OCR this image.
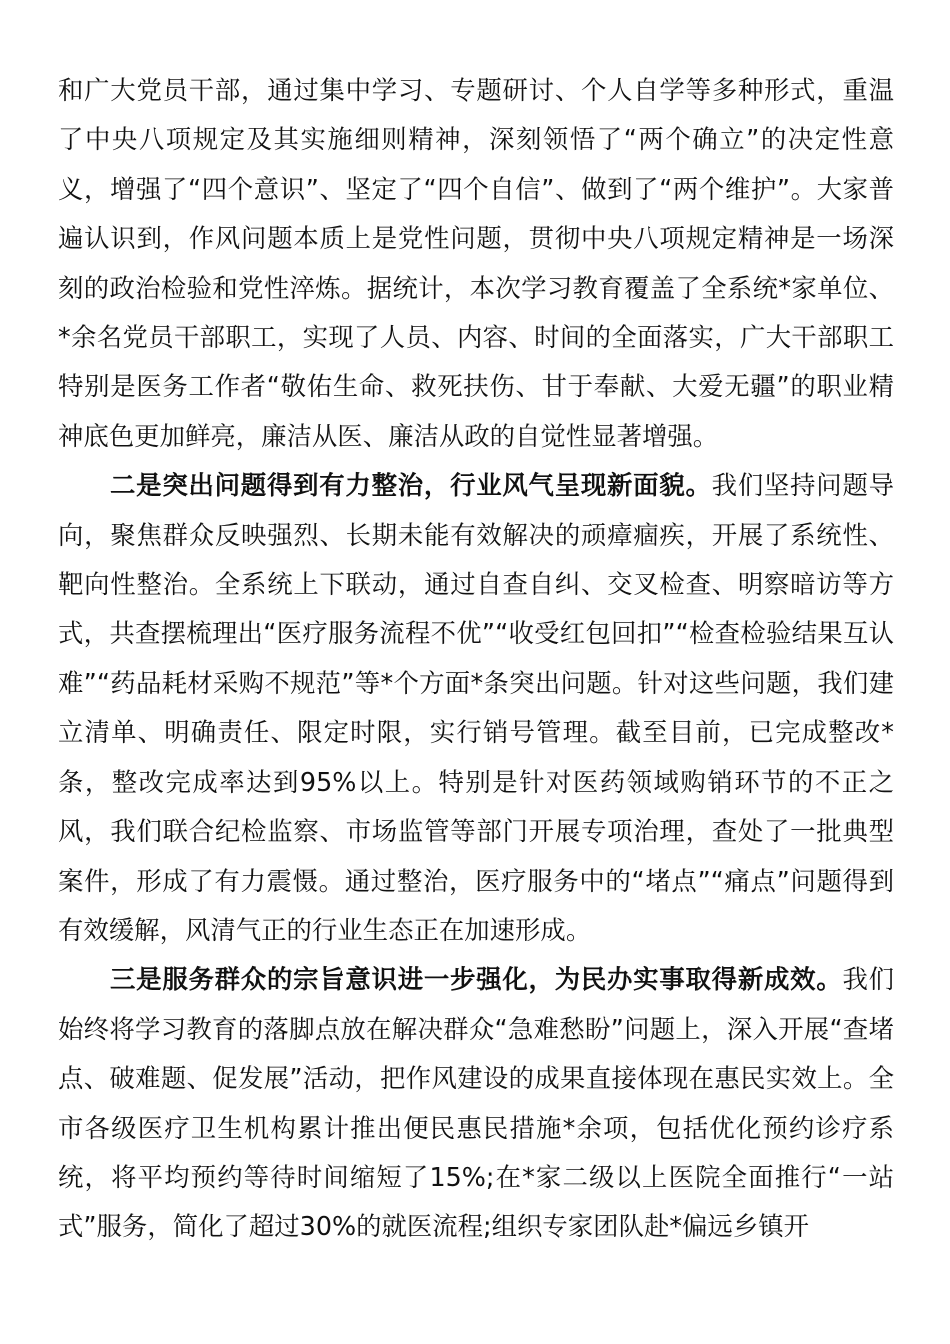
和广大党员干部，通过集中学习、专题研讨、个人自学等多种形式，重温了中央八项规定及其实施细则精神，深刻领悟了“两个确立”的决定性意义，增强了“四个意识”、坚定了“四个自信”、做到了“两个维护”。大家普遍认识到，作风问题本质上是党性问题，贯彻中央八项规定精神是一场深刻的政治检验和党性淬炼。据统计，本次学习教育覆盖了全系统*家单位、*余名党员干部职工，实现了人员、内容、时间的全面落实，广大干部职工特别是医务工作者“敬佑生命、救死扶伤、甘于奉献、大爱无疆”的职业精神底色更加鲜亮，廉洁从医、廉洁从政的自觉性显著增强。

二是突出问题得到有力整治，行业风气呈现新面貌。我们坚持问题导向，聚焦群众反映强烈、长期未能有效解决的顽瘴痼疾，开展了系统性、靶向性整治。全系统上下联动，通过自查自纠、交叉检查、明察暗访等方式，共查摆梳理出“医疗服务流程不优”“收受红包回扣”“检查检验结果互认难”“药品耗材采购不规范”等*个方面*条突出问题。针对这些问题，我们建立清单、明确责任、限定时限，实行销号管理。截至目前，已完成整改*条，整改完成率达到95%以上。特别是针对医药领域购销环节的不正之风，我们联合纪检监察、市场监管等部门开展专项治理，查处了一批典型案件，形成了有力震慑。通过整治，医疗服务中的“堵点”“痛点”问题得到有效缓解，风清气正的行业生态正在加速形成。

三是服务群众的宗旨意识进一步强化，为民办实事取得新成效。我们始终将学习教育的落脚点放在解决群众“急难愁盼”问题上，深入开展“查堵点、破难题、促发展”活动，把作风建设的成果直接体现在惠民实效上。全市各级医疗卫生机构累计推出便民惠民措施*余项，包括优化预约诊疗系统，将平均预约等待时间缩短了15%;在*家二级以上医院全面推行“一站式”服务，简化了超过30%的就医流程;组织专家团队赴*偏远乡镇开
